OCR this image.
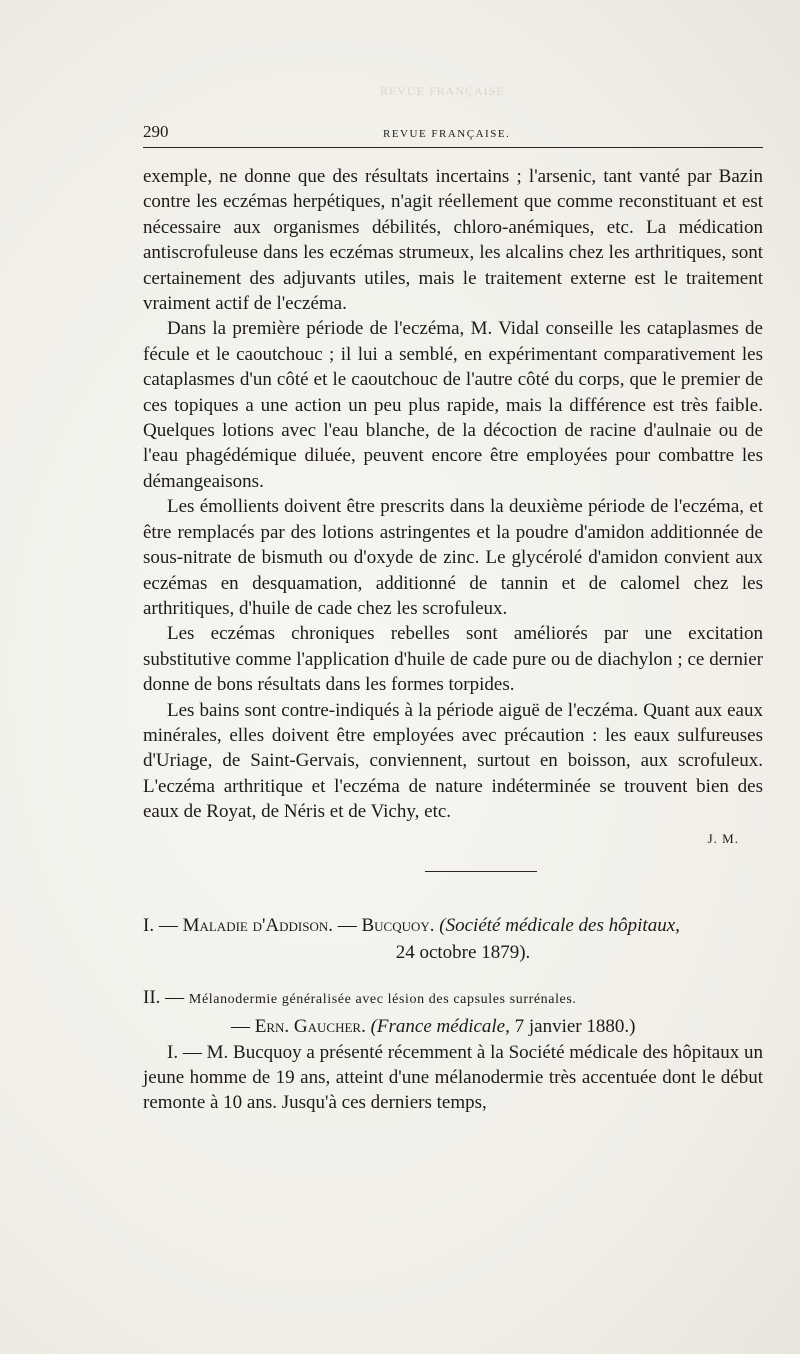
REVUE FRANÇAISE.
290	REVUE FRANÇAISE.

exemple, ne donne que des résultats incertains ; l'arsenic, tant vanté par Bazin contre les eczémas herpétiques, n'agit réellement que comme reconstituant et est nécessaire aux organismes débilités, chloro-anémiques, etc. La médication antiscrofuleuse dans les eczémas strumeux, les alcalins chez les arthritiques, sont certainement des adjuvants utiles, mais le traitement externe est le traitement vraiment actif de l'eczéma.

Dans la première période de l'eczéma, M. Vidal conseille les cataplasmes de fécule et le caoutchouc ; il lui a semblé, en expérimentant comparativement les cataplasmes d'un côté et le caoutchouc de l'autre côté du corps, que le premier de ces topiques a une action un peu plus rapide, mais la différence est très faible. Quelques lotions avec l'eau blanche, de la décoction de racine d'aulnaie ou de l'eau phagédémique diluée, peuvent encore être employées pour combattre les démangeaisons.

Les émollients doivent être prescrits dans la deuxième période de l'eczéma, et être remplacés par des lotions astringentes et la poudre d'amidon additionnée de sous-nitrate de bismuth ou d'oxyde de zinc. Le glycérolé d'amidon convient aux eczémas en desquamation, additionné de tannin et de calomel chez les arthritiques, d'huile de cade chez les scrofuleux.

Les eczémas chroniques rebelles sont améliorés par une excitation substitutive comme l'application d'huile de cade pure ou de diachylon ; ce dernier donne de bons résultats dans les formes torpides.

Les bains sont contre-indiqués à la période aiguë de l'eczéma. Quant aux eaux minérales, elles doivent être employées avec précaution : les eaux sulfureuses d'Uriage, de Saint-Gervais, conviennent, surtout en boisson, aux scrofuleux. L'eczéma arthritique et l'eczéma de nature indéterminée se trouvent bien des eaux de Royat, de Néris et de Vichy, etc.

J. M.
I. — Maladie d'Addison. — Bucquoy. (Société médicale des hôpitaux,
24 octobre 1879).
II. — Mélanodermie généralisée avec lésion des capsules surrénales.
— Ern. Gaucher. (France médicale, 7 janvier 1880.)

I. — M. Bucquoy a présenté récemment à la Société médicale des hôpitaux un jeune homme de 19 ans, atteint d'une mélanodermie très accentuée dont le début remonte à 10 ans. Jusqu'à ces derniers temps,
